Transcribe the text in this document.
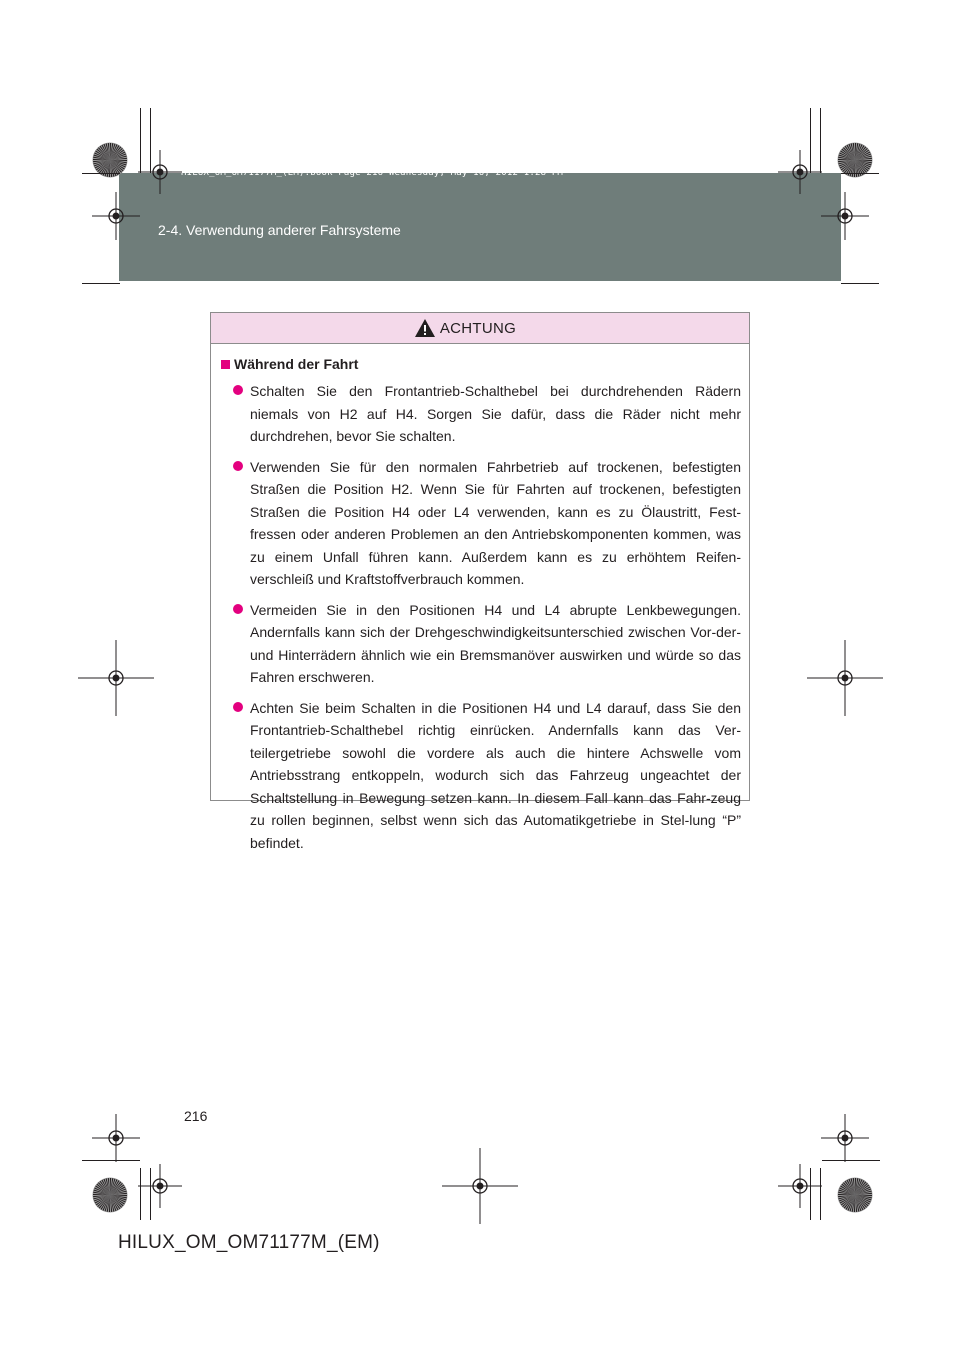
HILUX_OM_OM71177M_(EM).book Page 216 Wednesday, May 16, 2012 1:28 PM
2-4. Verwendung anderer Fahrsysteme
ACHTUNG
Während der Fahrt
Schalten Sie den Frontantrieb-Schalthebel bei durchdrehenden Rädern niemals von H2 auf H4. Sorgen Sie dafür, dass die Räder nicht mehr durchdrehen, bevor Sie schalten.
Verwenden Sie für den normalen Fahrbetrieb auf trockenen, befestigten Straßen die Position H2. Wenn Sie für Fahrten auf trockenen, befestigten Straßen die Position H4 oder L4 verwenden, kann es zu Ölaustritt, Fest-fressen oder anderen Problemen an den Antriebskomponenten kommen, was zu einem Unfall führen kann. Außerdem kann es zu erhöhtem Reifen-verschleiß und Kraftstoffverbrauch kommen.
Vermeiden Sie in den Positionen H4 und L4 abrupte Lenkbewegungen. Andernfalls kann sich der Drehgeschwindigkeitsunterschied zwischen Vor-der- und Hinterrädern ähnlich wie ein Bremsmanöver auswirken und würde so das Fahren erschweren.
Achten Sie beim Schalten in die Positionen H4 und L4 darauf, dass Sie den Frontantrieb-Schalthebel richtig einrücken. Andernfalls kann das Ver-teilergetriebe sowohl die vordere als auch die hintere Achswelle vom Antriebsstrang entkoppeln, wodurch sich das Fahrzeug ungeachtet der Schaltstellung in Bewegung setzen kann. In diesem Fall kann das Fahr-zeug zu rollen beginnen, selbst wenn sich das Automatikgetriebe in Stel-lung “P” befindet.
216
HILUX_OM_OM71177M_(EM)
